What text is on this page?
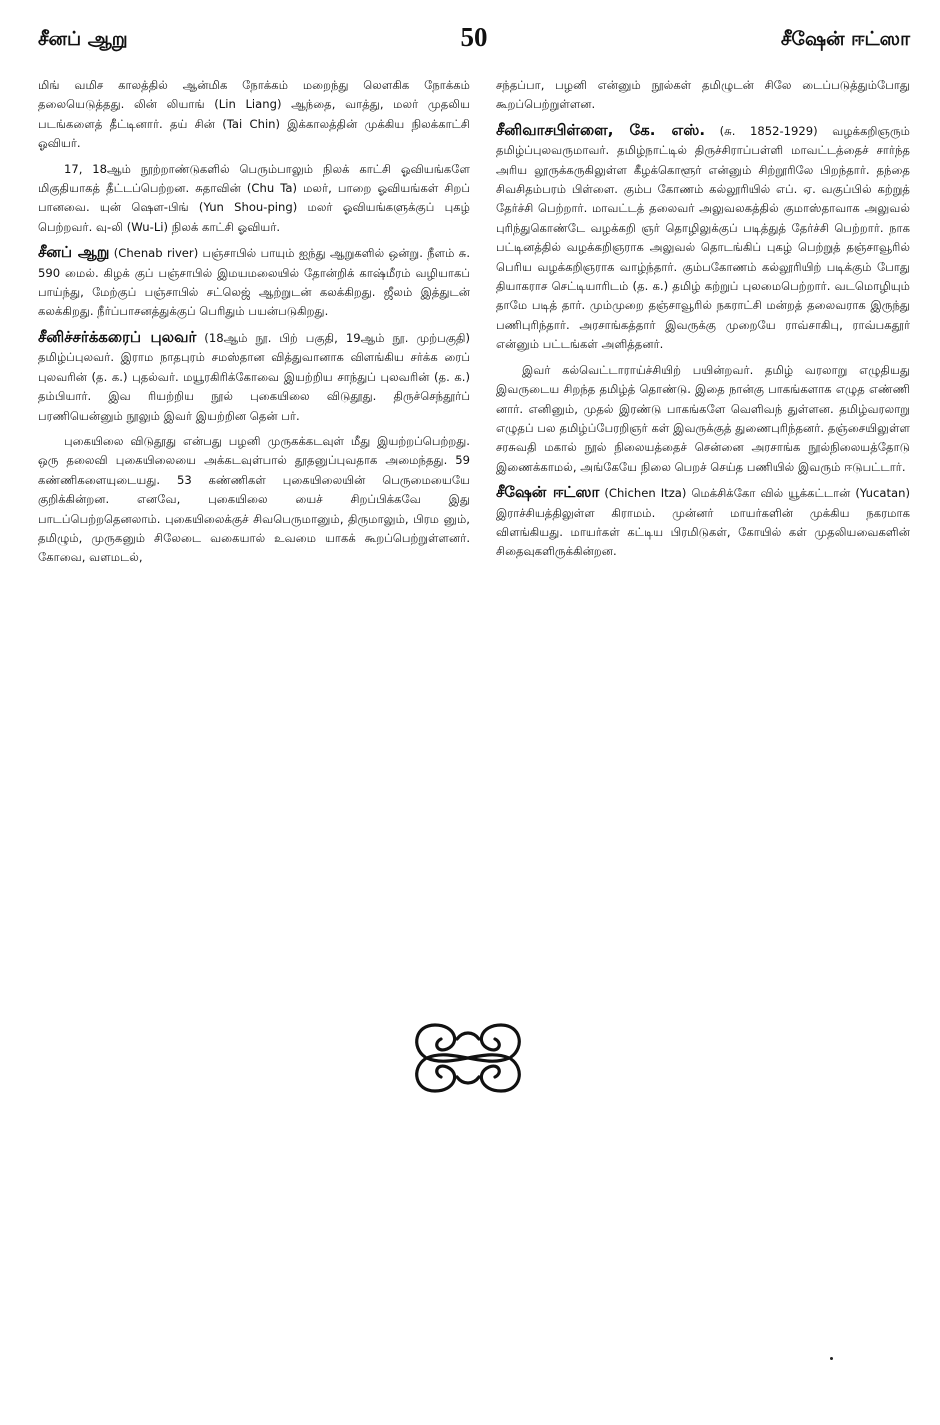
சீனப் ஆறு	50	சீஷேன் ஈட்ஸா

மிங் வமிச காலத்தில் ஆன்மிக நோக்கம் மறைந்து லௌகிக நோக்கம் தலையெடுத்தது. லின் லியாங் (Lin Liang) ஆந்தை, வாத்து, மலர் முதலிய படங்களைத் தீட்டினார். தய் சின் (Tai Chin) இக்காலத்தின் முக்கிய நிலக்காட்சி ஓவியர்.

17, 18ஆம் நூற்றாண்டுகளில் பெரும்பாலும் நிலக் காட்சி ஓவியங்களே மிகுதியாகத் தீட்டப்பெற்றன. சுதாவின் (Chu Ta) மலர், பாறை ஓவியங்கள் சிறப் பானவை. யுன் ஷௌ-பிங் (Yun Shou-ping) மலர் ஓவியங்களுக்குப் புகழ் பெற்றவர். வு-லி (Wu-Li) நிலக் காட்சி ஓவியர்.

சீனப் ஆறு (Chenab river) பஞ்சாபில் பாயும் ஐந்து ஆறுகளில் ஒன்று. நீளம் சு. 590 மைல். கிழக் குப் பஞ்சாபில் இமயமலையில் தோன்றிக் காஷ்மீரம் வழியாகப் பாய்ந்து, மேற்குப் பஞ்சாபில் சட்லெஜ் ஆற்றுடன் கலக்கிறது. ஜீலம் இத்துடன் கலக்கிறது. நீர்ப்பாசனத்துக்குப் பெரிதும் பயன்படுகிறது.

சீனிச்சர்க்கரைப் புலவர் (18ஆம் நூ. பிற் பகுதி, 19ஆம் நூ. முற்பகுதி) தமிழ்ப்புலவர். இராம நாதபுரம் சமஸ்தான வித்துவானாக விளங்கிய சர்க்க ரைப் புலவரின் (த. க.) புதல்வர். மயூரகிரிக்கோவை இயற்றிய சாந்துப் புலவரின் (த. க.) தம்பியார். இவ ரியற்றிய நூல் புகையிலை விடுதூது. திருச்செந்தூர்ப் பரணியென்னும் நூலும் இவர் இயற்றின தென் பர்.

புகையிலை விடுதூது என்பது பழனி முருகக்கடவுள் மீது இயற்றப்பெற்றது. ஒரு தலைவி புகையிலையை அக்கடவுள்பால் தூதனுப்புவதாக அமைந்தது. 59 கண்ணிகளையுடையது. 53 கண்ணிகள் புகையிலையின் பெருமையையே குறிக்கின்றன. எனவே, புகையிலை யைச் சிறப்பிக்கவே இது பாடப்பெற்றதெனலாம். புகையிலைக்குச் சிவபெருமானும், திருமாலும், பிரம னும், தமிழும், முருகனும் சிலேடை வகையால் உவமை யாகக் கூறப்பெற்றுள்ளனர். கோவை, வளமடல்,

சந்தப்பா, பழனி என்னும் நூல்கள் தமிழுடன் சிலே டைப்படுத்தும்போது கூறப்பெற்றுள்ளன.

சீனிவாசபிள்ளை, கே. எஸ். (சு. 1852-1929) வழக்கறிஞரும் தமிழ்ப்புலவருமாவர். தமிழ்நாட்டில் திருச்சிராப்பள்ளி மாவட்டத்தைச் சார்ந்த அரிய லூருக்கருகிலுள்ள கீழக்கொளூர் என்னும் சிற்றூரிலே பிறந்தார். தந்தை சிவசிதம்பரம் பிள்ளை. கும்ப கோணம் கல்லூரியில் எப். ஏ. வகுப்பில் கற்றுத் தேர்ச்சி பெற்றார். மாவட்டத் தலைவர் அலுவலகத்தில் குமாஸ்தாவாக அலுவல் புரிந்துகொண்டே வழக்கறி ஞர் தொழிலுக்குப் படித்துத் தேர்ச்சி பெற்றார். நாக பட்டினத்தில் வழக்கறிஞராக அலுவல் தொடங்கிப் புகழ் பெற்றுத் தஞ்சாவூரில் பெரிய வழக்கறிஞராக வாழ்ந்தார். கும்பகோணம் கல்லூரியிற் படிக்கும் போது தியாகராச செட்டியாரிடம் (த. க.) தமிழ் கற்றுப் புலமைபெற்றார். வடமொழியும் தாமே படித் தார். மும்முறை தஞ்சாவூரில் நகராட்சி மன்றத் தலைவராக இருந்து பணிபுரிந்தார். அரசாங்கத்தார் இவருக்கு முறையே ராவ்சாகிபு, ராவ்பகதூர் என்னும் பட்டங்கள் அளித்தனர்.

இவர் கல்வெட்டாராய்ச்சியிற் பயின்றவர். தமிழ் வரலாறு எழுதியது இவருடைய சிறந்த தமிழ்த் தொண்டு. இதை நான்கு பாகங்களாக எழுத எண்ணி னார். எனினும், முதல் இரண்டு பாகங்களே வெளிவந் துள்ளன. தமிழ்வரலாறு எழுதப் பல தமிழ்ப்பேரறிஞர் கள் இவருக்குத் துணைபுரிந்தனர். தஞ்சையிலுள்ள சரசுவதி மகால் நூல் நிலையத்தைச் சென்னை அரசாங்க நூல்நிலையத்தோடு இணைக்காமல், அங்கேயே நிலை பெறச் செய்த பணியில் இவரும் ஈடுபட்டார்.

சீஷேன் ஈட்ஸா (Chichen Itza) மெக்சிக்கோ வில் யூக்கட்டான் (Yucatan) இராச்சியத்திலுள்ள கிராமம். முன்னர் மாயர்களின் முக்கிய நகரமாக விளங்கியது. மாயர்கள் கட்டிய பிரமிடுகள், கோயில் கள் முதலியவைகளின் சிதைவுகளிருக்கின்றன.
